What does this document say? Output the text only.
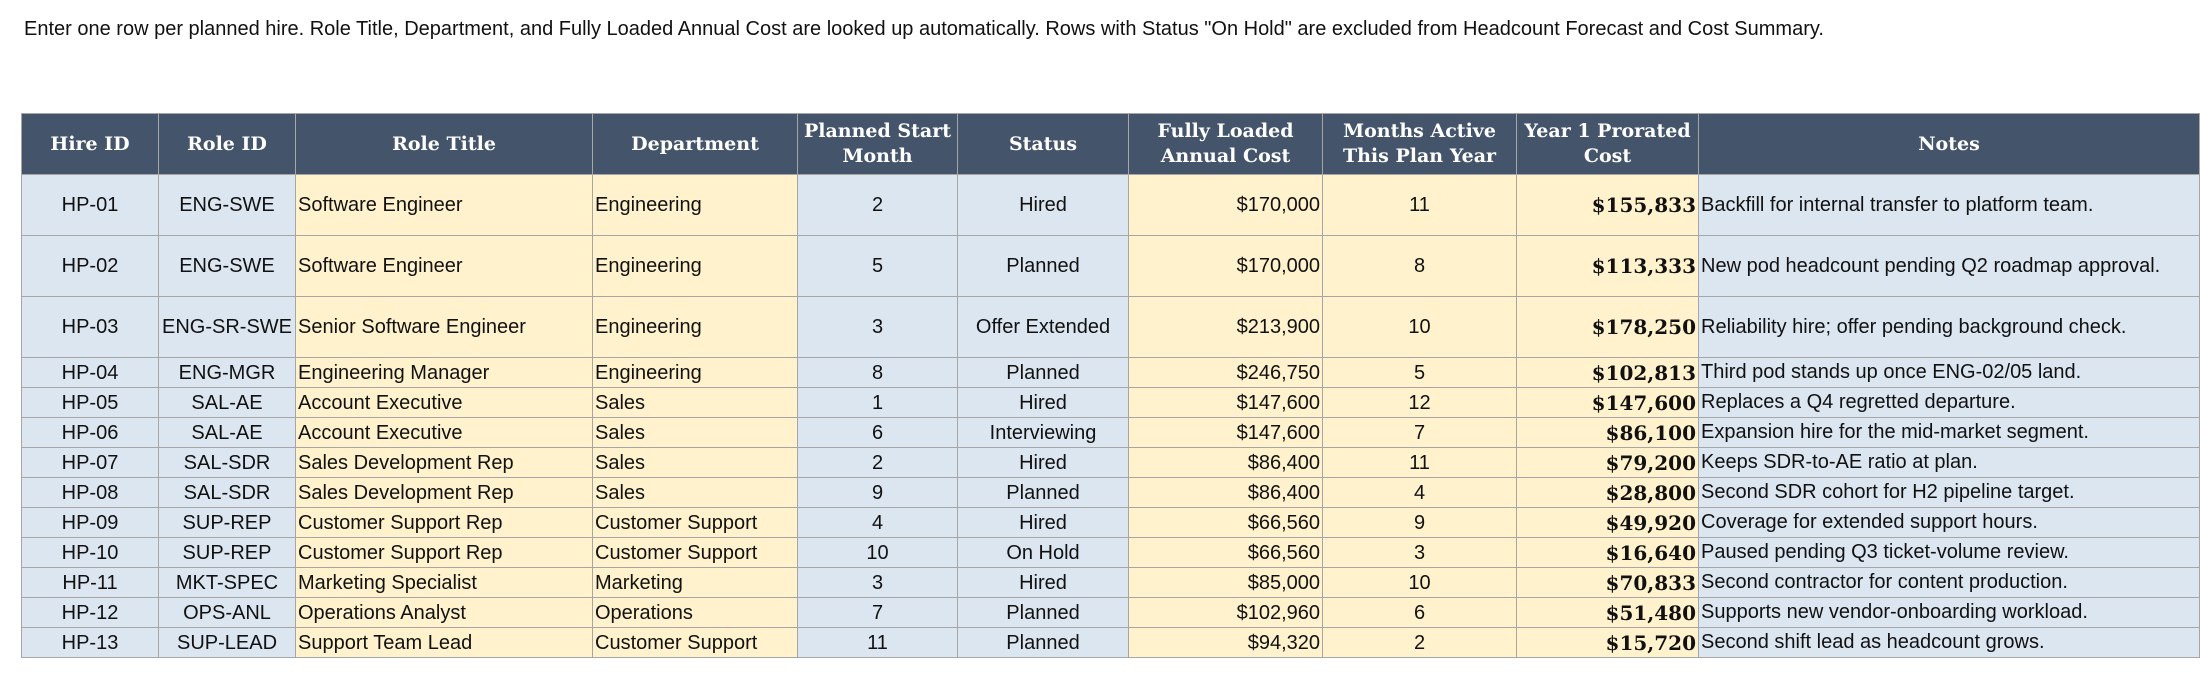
Enter one row per planned hire. Role Title, Department, and Fully Loaded Annual Cost are looked up automatically. Rows with Status "On Hold" are excluded from Headcount Forecast and Cost Summary.
Hire ID	Role ID	Role Title	Department	Planned Start Month	Status	Fully Loaded Annual Cost	Months Active This Plan Year	Year 1 Prorated Cost	Notes
HP-01	ENG-SWE	Software Engineer	Engineering	2	Hired	$170,000	11	$155,833	Backfill for internal transfer to platform team.
HP-02	ENG-SWE	Software Engineer	Engineering	5	Planned	$170,000	8	$113,333	New pod headcount pending Q2 roadmap approval.
HP-03	ENG-SR-SWE	Senior Software Engineer	Engineering	3	Offer Extended	$213,900	10	$178,250	Reliability hire; offer pending background check.
HP-04	ENG-MGR	Engineering Manager	Engineering	8	Planned	$246,750	5	$102,813	Third pod stands up once ENG-02/05 land.
HP-05	SAL-AE	Account Executive	Sales	1	Hired	$147,600	12	$147,600	Replaces a Q4 regretted departure.
HP-06	SAL-AE	Account Executive	Sales	6	Interviewing	$147,600	7	$86,100	Expansion hire for the mid-market segment.
HP-07	SAL-SDR	Sales Development Rep	Sales	2	Hired	$86,400	11	$79,200	Keeps SDR-to-AE ratio at plan.
HP-08	SAL-SDR	Sales Development Rep	Sales	9	Planned	$86,400	4	$28,800	Second SDR cohort for H2 pipeline target.
HP-09	SUP-REP	Customer Support Rep	Customer Support	4	Hired	$66,560	9	$49,920	Coverage for extended support hours.
HP-10	SUP-REP	Customer Support Rep	Customer Support	10	On Hold	$66,560	3	$16,640	Paused pending Q3 ticket-volume review.
HP-11	MKT-SPEC	Marketing Specialist	Marketing	3	Hired	$85,000	10	$70,833	Second contractor for content production.
HP-12	OPS-ANL	Operations Analyst	Operations	7	Planned	$102,960	6	$51,480	Supports new vendor-onboarding workload.
HP-13	SUP-LEAD	Support Team Lead	Customer Support	11	Planned	$94,320	2	$15,720	Second shift lead as headcount grows.
